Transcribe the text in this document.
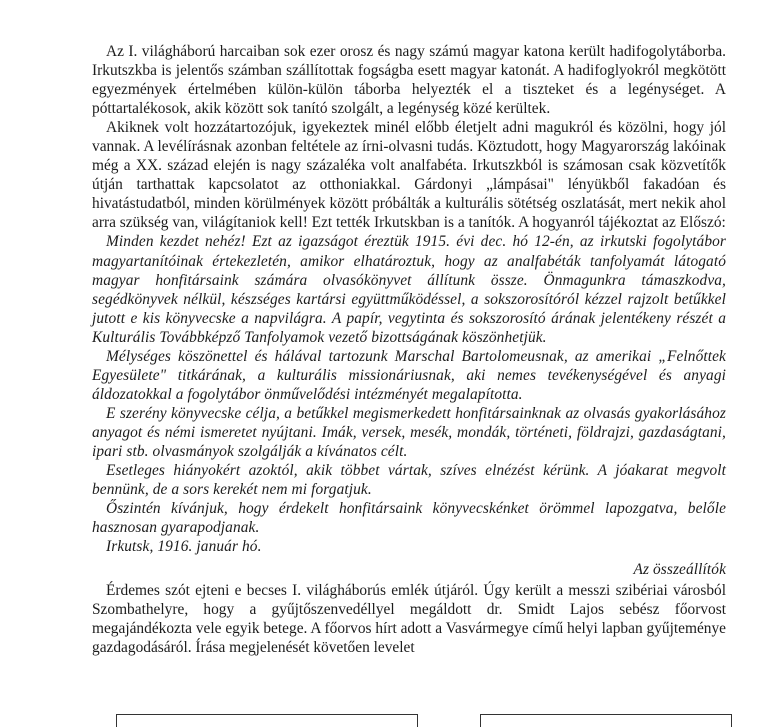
Az I. világháború harcaiban sok ezer orosz és nagy számú magyar katona került hadifogolytáborba. Irkutszkba is jelentős számban szállítottak fogságba esett magyar katonát. A hadifoglyokról megkötött egyezmények értelmében külön-külön táborba helyezték el a tiszteket és a legénységet. A póttartalékosok, akik között sok tanító szolgált, a legénység közé kerültek.

Akiknek volt hozzátartozójuk, igyekeztek minél előbb életjelt adni magukról és közölni, hogy jól vannak. A levélírásnak azonban feltétele az írni-olvasni tudás. Köztudott, hogy Magyarország lakóinak még a XX. század elején is nagy százaléka volt analfabéta. Irkutszkból is számosan csak közvetítők útján tarthattak kapcsolatot az otthoniakkal. Gárdonyi „lámpásai" lényükből fakadóan és hivatástudatból, minden körülmények között próbálták a kulturális sötétség oszlatását, mert nekik ahol arra szükség van, világítaniok kell! Ezt tették Irkutskban is a tanítók. A hogyanról tájékoztat az Előszó:

Minden kezdet nehéz! Ezt az igazságot éreztük 1915. évi dec. hó 12-én, az irkutski fogolytábor magyartanítóinak értekezletén, amikor elhatároztuk, hogy az analfabéták tanfolyamát látogató magyar honfitársaink számára olvasókönyvet állítunk össze. Önmagunkra támaszkodva, segédkönyvek nélkül, készséges kartársi együttműködéssel, a sokszorosítóról kézzel rajzolt betűkkel jutott e kis könyvecske a napvilágra. A papír, vegytinta és sokszorosító árának jelentékeny részét a Kulturális Továbbképző Tanfolyamok vezető bizottságának köszönhetjük.

Mélységes köszönettel és hálával tartozunk Marschal Bartolomeusnak, az amerikai „Felnőttek Egyesülete" titkárának, a kulturális missionáriusnak, aki nemes tevékenységével és anyagi áldozatokkal a fogolytábor önművelődési intézményét megalapította.

E szerény könyvecske célja, a betűkkel megismerkedett honfitársainknak az olvasás gyakorlásához anyagot és némi ismeretet nyújtani. Imák, versek, mesék, mondák, történeti, földrajzi, gazdaságtani, ipari stb. olvasmányok szolgálják a kívánatos célt.

Esetleges hiányokért azoktól, akik többet vártak, szíves elnézést kérünk. A jóakarat megvolt bennünk, de a sors kerekét nem mi forgatjuk.

Őszintén kívánjuk, hogy érdekelt honfitársaink könyvecskénket örömmel lapozgatva, belőle hasznosan gyarapodjanak.

Irkutsk, 1916. január hó.

Az összeállítók

Érdemes szót ejteni e becses I. világháborús emlék útjáról. Úgy került a messzi szibériai városból Szombathelyre, hogy a gyűjtőszenvedéllyel megáldott dr. Smidt Lajos sebész főorvost megajándékozta vele egyik betege. A főorvos hírt adott a Vasvármegye című helyi lapban gyűjteménye gazdagodásáról. Írása megjelenését követően levelet
